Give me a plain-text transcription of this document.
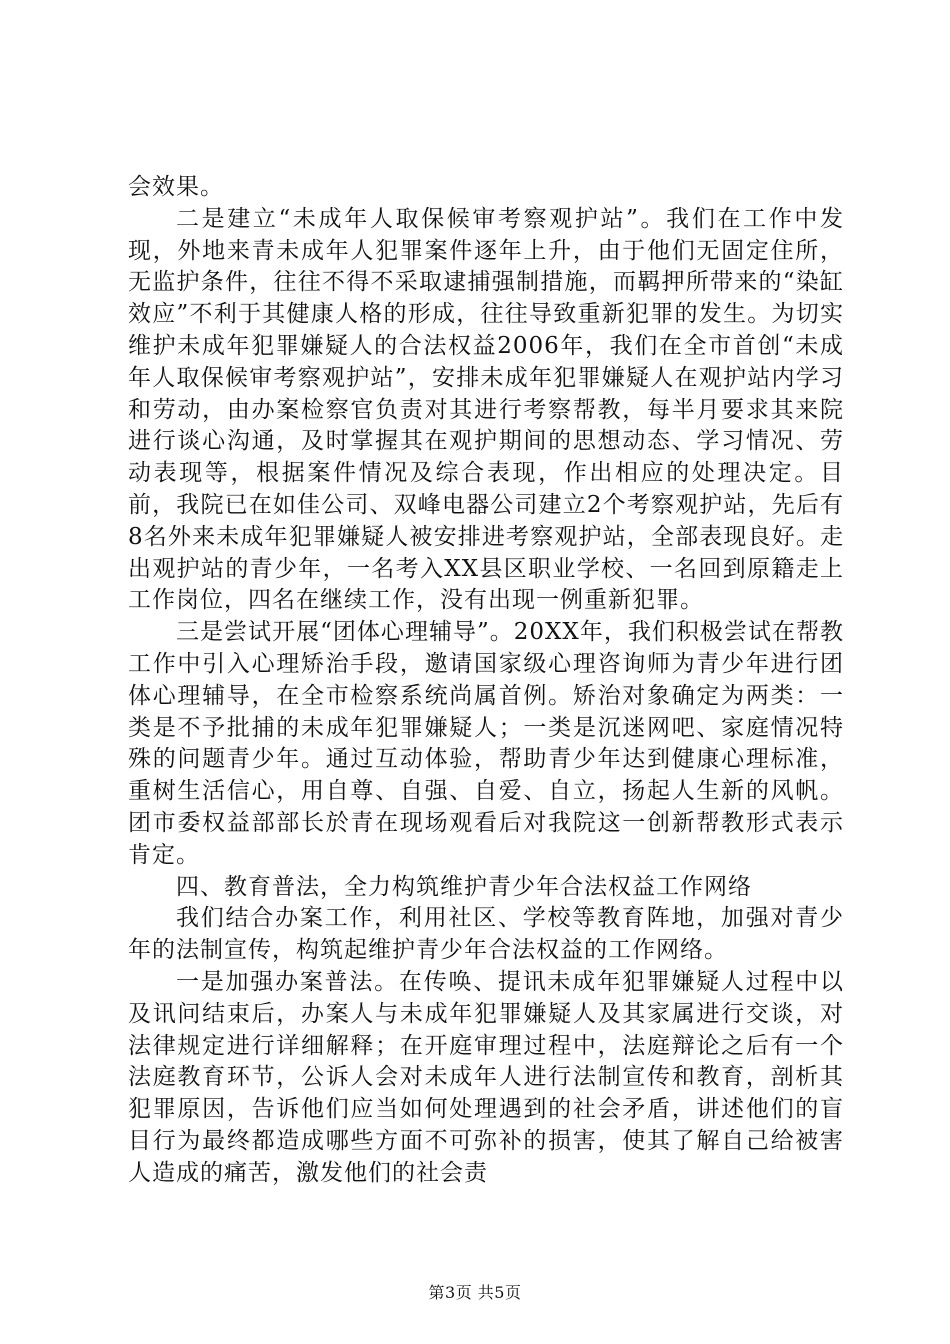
会效果。

二是建立“未成年人取保候审考察观护站”。我们在工作中发现，外地来青未成年人犯罪案件逐年上升，由于他们无固定住所，无监护条件，往往不得不采取逮捕强制措施，而羁押所带来的“染缸效应”不利于其健康人格的形成，往往导致重新犯罪的发生。为切实维护未成年犯罪嫌疑人的合法权益2006年，我们在全市首创“未成年人取保候审考察观护站”，安排未成年犯罪嫌疑人在观护站内学习和劳动，由办案检察官负责对其进行考察帮教，每半月要求其来院进行谈心沟通，及时掌握其在观护期间的思想动态、学习情况、劳动表现等，根据案件情况及综合表现，作出相应的处理决定。目前，我院已在如佳公司、双峰电器公司建立2个考察观护站，先后有8名外来未成年犯罪嫌疑人被安排进考察观护站，全部表现良好。走出观护站的青少年，一名考入XX县区职业学校、一名回到原籍走上工作岗位，四名在继续工作，没有出现一例重新犯罪。

三是尝试开展“团体心理辅导”。20XX年，我们积极尝试在帮教工作中引入心理矫治手段，邀请国家级心理咨询师为青少年进行团体心理辅导，在全市检察系统尚属首例。矫治对象确定为两类：一类是不予批捕的未成年犯罪嫌疑人；一类是沉迷网吧、家庭情况特殊的问题青少年。通过互动体验，帮助青少年达到健康心理标准，重树生活信心，用自尊、自强、自爱、自立，扬起人生新的风帆。团市委权益部部长於青在现场观看后对我院这一创新帮教形式表示肯定。

四、教育普法，全力构筑维护青少年合法权益工作网络

我们结合办案工作，利用社区、学校等教育阵地，加强对青少年的法制宣传，构筑起维护青少年合法权益的工作网络。

一是加强办案普法。在传唤、提讯未成年犯罪嫌疑人过程中以及讯问结束后，办案人与未成年犯罪嫌疑人及其家属进行交谈，对法律规定进行详细解释；在开庭审理过程中，法庭辩论之后有一个法庭教育环节，公诉人会对未成年人进行法制宣传和教育，剖析其犯罪原因，告诉他们应当如何处理遇到的社会矛盾，讲述他们的盲目行为最终都造成哪些方面不可弥补的损害，使其了解自己给被害人造成的痛苦，激发他们的社会责

第3页 共5页
